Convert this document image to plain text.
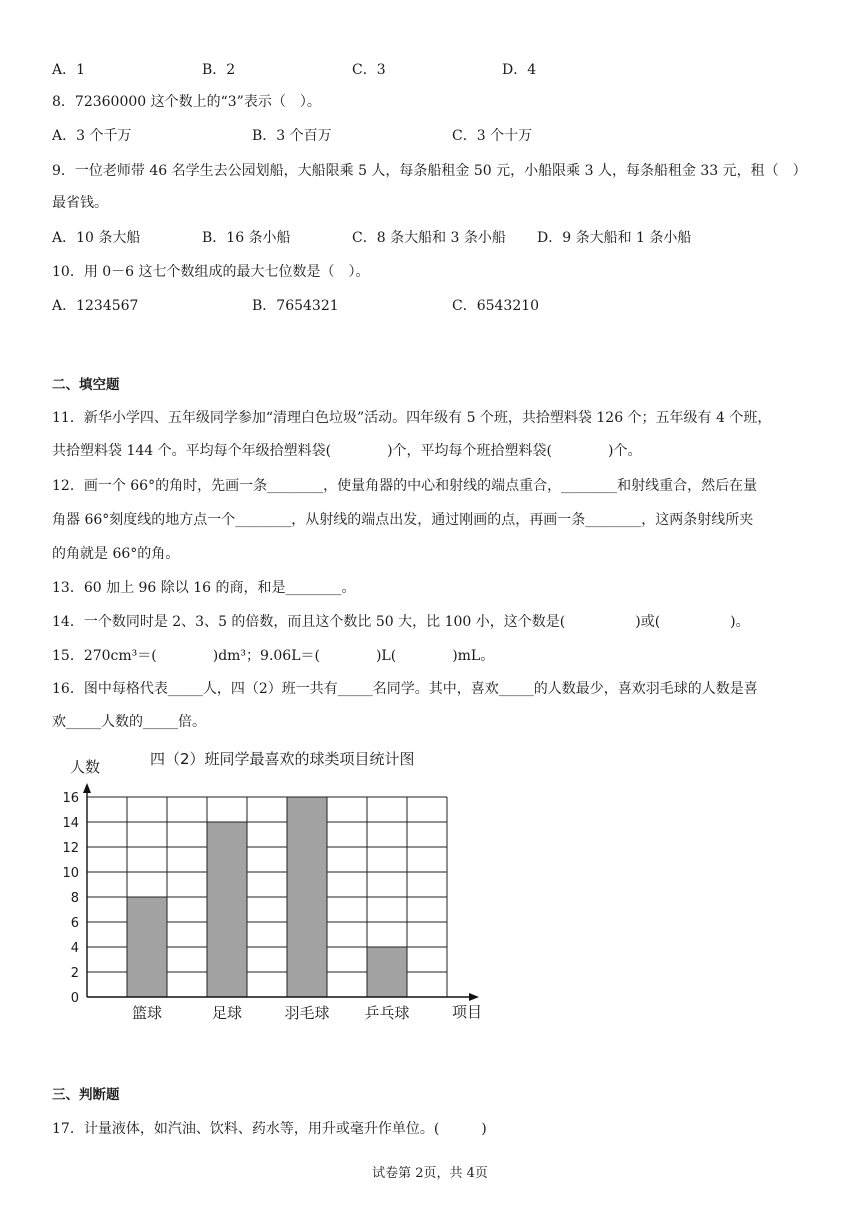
A．1	B．2	C．3	D．4
8．72360000 这个数上的“3”表示（　）。
A．3 个千万	B．3 个百万	C．3 个十万
9．一位老师带 46 名学生去公园划船，大船限乘 5 人，每条船租金 50 元，小船限乘 3 人，每条船租金 33 元，租（　）
最省钱。
A．10 条大船	B．16 条小船	C．8 条大船和 3 条小船 D．9 条大船和 1 条小船
10．用 0－6 这七个数组成的最大七位数是（　）。
A．1234567	B．7654321	C．6543210
二、填空题
11．新华小学四、五年级同学参加“清理白色垃圾”活动。四年级有 5 个班，共拾塑料袋 126 个；五年级有 4 个班，
共拾塑料袋 144 个。平均每个年级拾塑料袋(　　　　)个，平均每个班拾塑料袋(　　　　)个。
12．画一个 66°的角时，先画一条________，使量角器的中心和射线的端点重合，________和射线重合，然后在量
角器 66°刻度线的地方点一个________，从射线的端点出发，通过刚画的点，再画一条________，这两条射线所夹
的角就是 66°的角。
13．60 加上 96 除以 16 的商，和是________。
14．一个数同时是 2、3、5 的倍数，而且这个数比 50 大，比 100 小，这个数是(　　　　　)或(　　　　　)。
15．270cm³＝(　　　　)dm³；9.06L＝(　　　　)L(　　　　)mL。
16．图中每格代表_____人，四（2）班一共有_____名同学。其中，喜欢_____的人数最少，喜欢羽毛球的人数是喜
欢_____人数的_____倍。
四（2）班同学最喜欢的球类项目统计图
人数
项目
篮球	足球	羽毛球 乒乓球
0
2
4
6
8
10
12
14
16
三、判断题
17．计量液体，如汽油、饮料、药水等，用升或毫升作单位。(　　　)
试卷第 2页，共 4页
